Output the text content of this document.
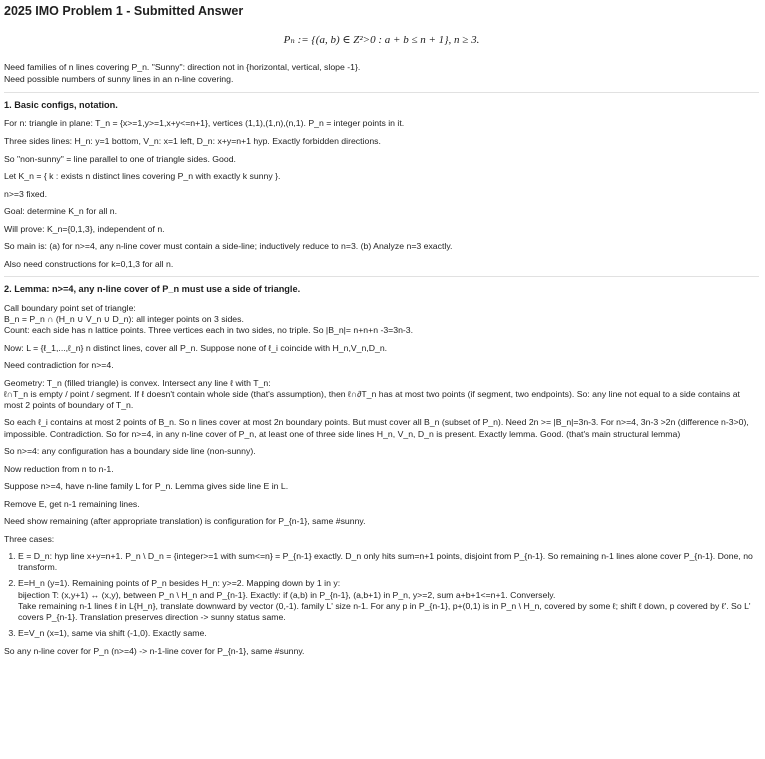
2025 IMO Problem 1 - Submitted Answer
Pₙ := {(a, b) ∈ Z²>0 : a + b ≤ n + 1}, n ≥ 3.
Need families of n lines covering P_n. "Sunny": direction not in {horizontal, vertical, slope -1}.
Need possible numbers of sunny lines in an n-line covering.
1. Basic configs, notation.
For n: triangle in plane: T_n = {x>=1,y>=1,x+y<=n+1}, vertices (1,1),(1,n),(n,1). P_n = integer points in it.
Three sides lines: H_n: y=1 bottom, V_n: x=1 left, D_n: x+y=n+1 hyp. Exactly forbidden directions.
So "non-sunny" = line parallel to one of triangle sides. Good.
Let K_n = { k : exists n distinct lines covering P_n with exactly k sunny }.
n>=3 fixed.
Goal: determine K_n for all n.
Will prove: K_n={0,1,3}, independent of n.
So main is: (a) for n>=4, any n-line cover must contain a side-line; inductively reduce to n=3. (b) Analyze n=3 exactly.
Also need constructions for k=0,1,3 for all n.
2. Lemma: n>=4, any n-line cover of P_n must use a side of triangle.
Call boundary point set of triangle:
B_n = P_n ∩ (H_n ∪ V_n ∪ D_n): all integer points on 3 sides.
Count: each side has n lattice points. Three vertices each in two sides, no triple. So |B_n|= n+n+n -3=3n-3.
Now: L = {ℓ_1,...,ℓ_n} n distinct lines, cover all P_n. Suppose none of ℓ_i coincide with H_n,V_n,D_n.
Need contradiction for n>=4.
Geometry: T_n (filled triangle) is convex. Intersect any line ℓ with T_n:
ℓ∩T_n is empty / point / segment. If ℓ doesn't contain whole side (that's assumption), then ℓ∩∂T_n has at most two points (if segment, two endpoints). So: any line not equal to a side contains at most 2 points of boundary of T_n.
So each ℓ_i contains at most 2 points of B_n. So n lines cover at most 2n boundary points. But must cover all B_n (subset of P_n). Need 2n >= |B_n|=3n-3. For n>=4, 3n-3 >2n (difference n-3>0), impossible. Contradiction. So for n>=4, in any n-line cover of P_n, at least one of three side lines H_n, V_n, D_n is present. Exactly lemma. Good. (that's main structural lemma)
So n>=4: any configuration has a boundary side line (non-sunny).
Now reduction from n to n-1.
Suppose n>=4, have n-line family L for P_n. Lemma gives side line E in L.
Remove E, get n-1 remaining lines.
Need show remaining (after appropriate translation) is configuration for P_{n-1}, same #sunny.
Three cases:
1. E = D_n: hyp line x+y=n+1. P_n \ D_n = {integer>=1 with sum<=n} = P_{n-1} exactly. D_n only hits sum=n+1 points, disjoint from P_{n-1}. So remaining n-1 lines alone cover P_{n-1}. Done, no transform.
2. E=H_n (y=1). Remaining points of P_n besides H_n: y>=2. Mapping down by 1 in y:
bijection T: (x,y+1) ↔ (x,y), between P_n \ H_n and P_{n-1}. Exactly: if (a,b) in P_{n-1}, (a,b+1) in P_n, y>=2, sum a+b+1<=n+1. Conversely.
Take remaining n-1 lines ℓ in L{H_n}, translate downward by vector (0,-1). family L' size n-1. For any p in P_{n-1}, p+(0,1) is in P_n \ H_n, covered by some ℓ; shift ℓ down, p covered by ℓ'. So L' covers P_{n-1}. Translation preserves direction -> sunny status same.
3. E=V_n (x=1), same via shift (-1,0). Exactly same.
So any n-line cover for P_n (n>=4) -> n-1-line cover for P_{n-1}, same #sunny.
